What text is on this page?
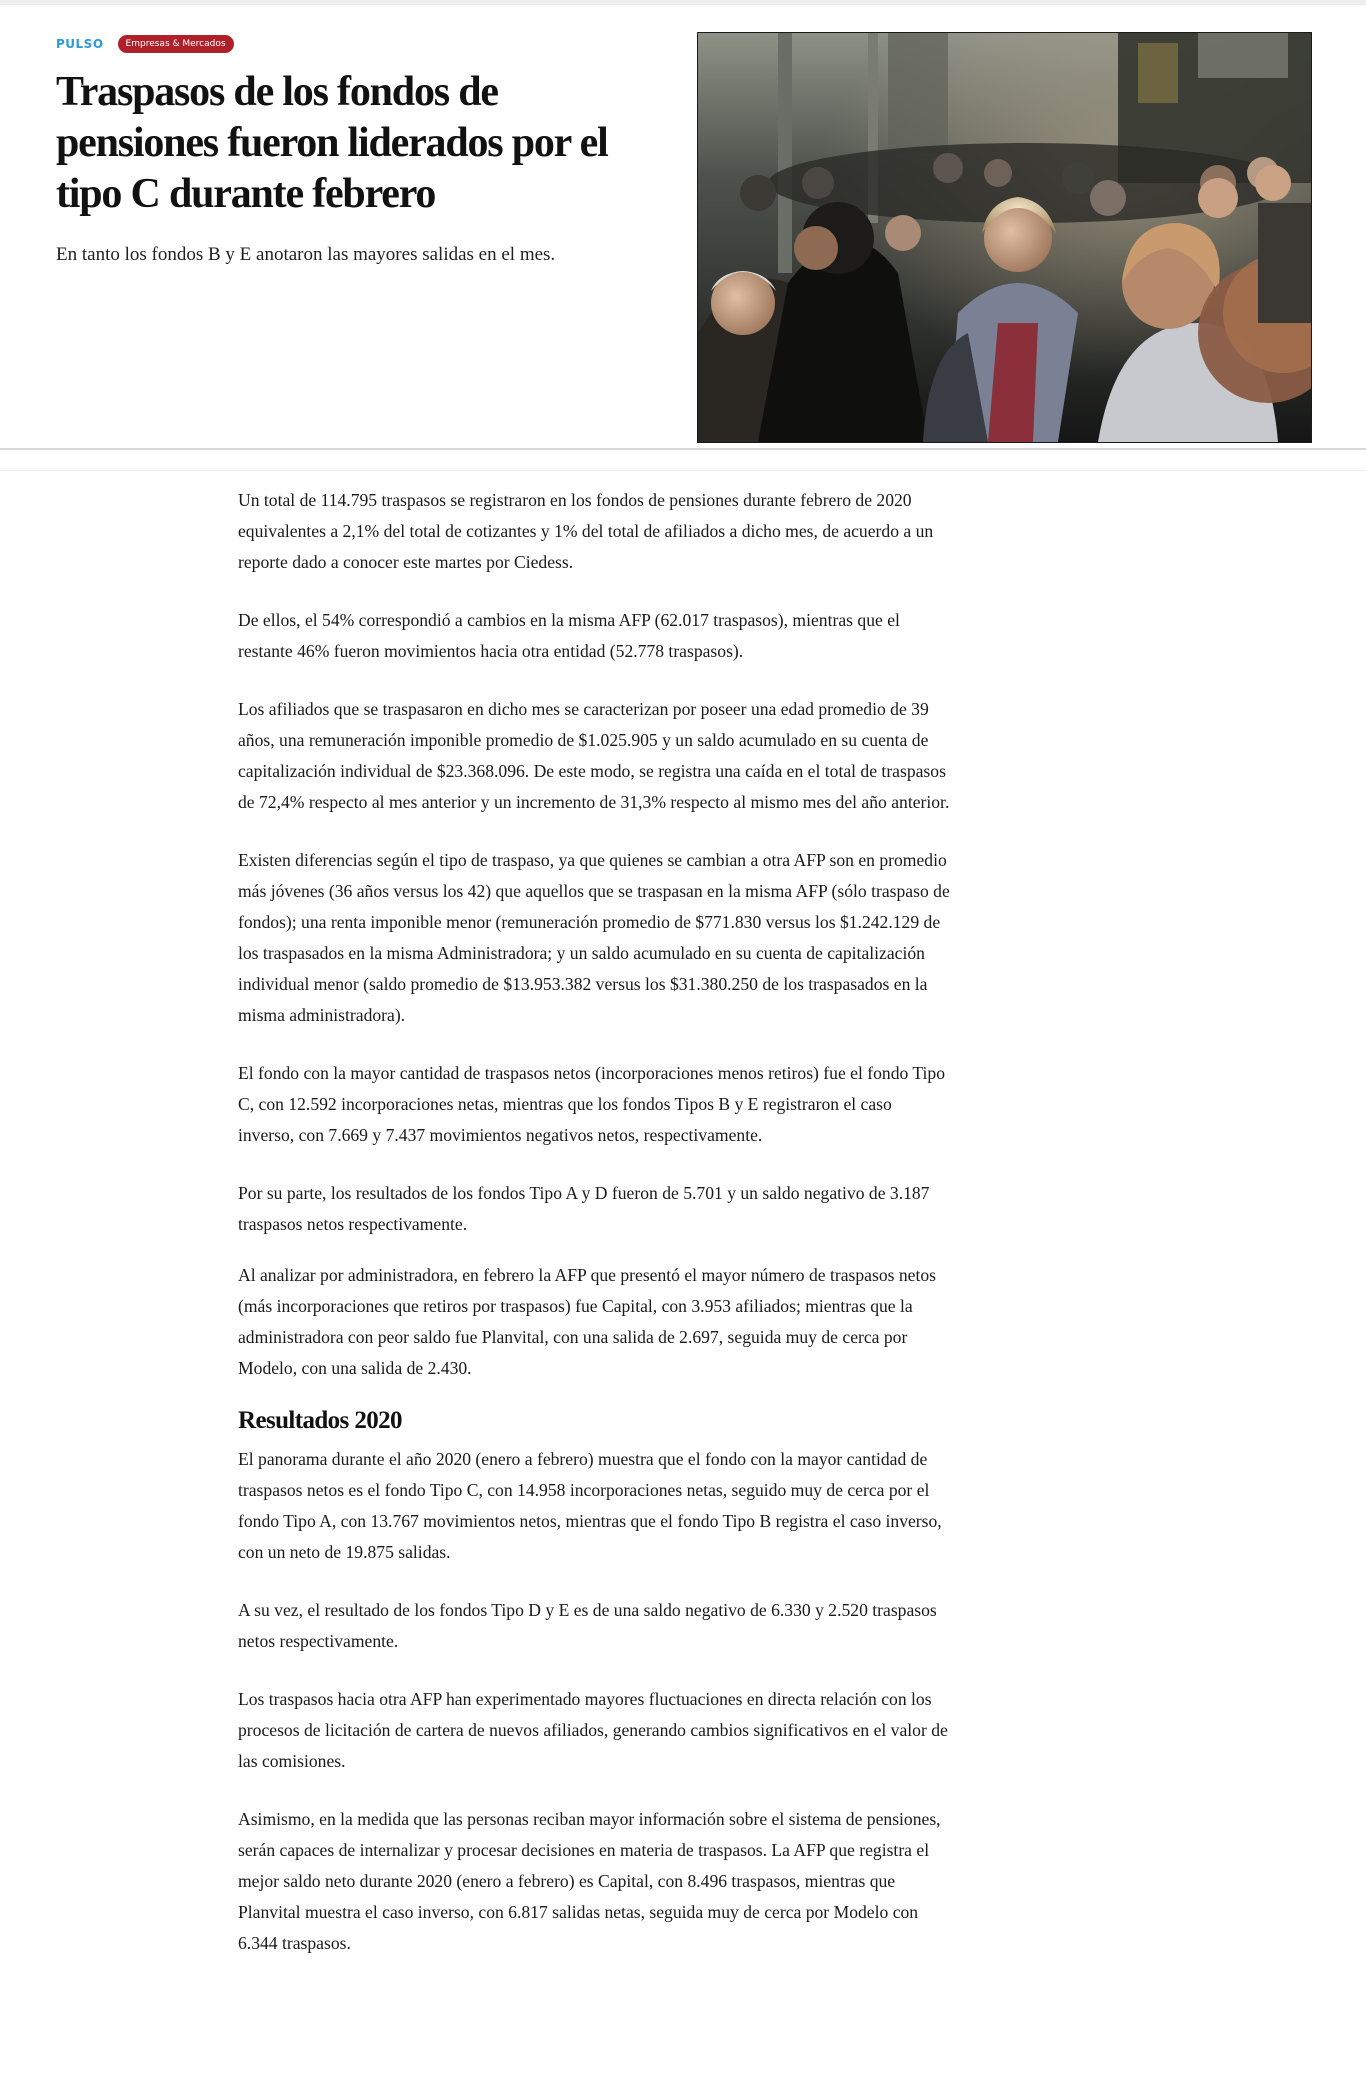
PULSO	Empresas & Mercados
Traspasos de los fondos de pensiones fueron liderados por el tipo C durante febrero

En tanto los fondos B y E anotaron las mayores salidas en el mes.

Un total de 114.795 traspasos se registraron en los fondos de pensiones durante febrero de 2020 equivalentes a 2,1% del total de cotizantes y 1% del total de afiliados a dicho mes, de acuerdo a un reporte dado a conocer este martes por Ciedess.

De ellos, el 54% correspondió a cambios en la misma AFP (62.017 traspasos), mientras que el restante 46% fueron movimientos hacia otra entidad (52.778 traspasos).

Los afiliados que se traspasaron en dicho mes se caracterizan por poseer una edad promedio de 39 años, una remuneración imponible promedio de $1.025.905 y un saldo acumulado en su cuenta de capitalización individual de $23.368.096. De este modo, se registra una caída en el total de traspasos de 72,4% respecto al mes anterior y un incremento de 31,3% respecto al mismo mes del año anterior.

Existen diferencias según el tipo de traspaso, ya que quienes se cambian a otra AFP son en promedio más jóvenes (36 años versus los 42) que aquellos que se traspasan en la misma AFP (sólo traspaso de fondos); una renta imponible menor (remuneración promedio de $771.830 versus los $1.242.129 de los traspasados en la misma Administradora; y un saldo acumulado en su cuenta de capitalización individual menor (saldo promedio de $13.953.382 versus los $31.380.250 de los traspasados en la misma administradora).

El fondo con la mayor cantidad de traspasos netos (incorporaciones menos retiros) fue el fondo Tipo C, con 12.592 incorporaciones netas, mientras que los fondos Tipos B y E registraron el caso inverso, con 7.669 y 7.437 movimientos negativos netos, respectivamente.

Por su parte, los resultados de los fondos Tipo A y D fueron de 5.701 y un saldo negativo de 3.187 traspasos netos respectivamente.

Al analizar por administradora, en febrero la AFP que presentó el mayor número de traspasos netos (más incorporaciones que retiros por traspasos) fue Capital, con 3.953 afiliados; mientras que la administradora con peor saldo fue Planvital, con una salida de 2.697, seguida muy de cerca por Modelo, con una salida de 2.430.

Resultados 2020

El panorama durante el año 2020 (enero a febrero) muestra que el fondo con la mayor cantidad de traspasos netos es el fondo Tipo C, con 14.958 incorporaciones netas, seguido muy de cerca por el fondo Tipo A, con 13.767 movimientos netos, mientras que el fondo Tipo B registra el caso inverso, con un neto de 19.875 salidas.

A su vez, el resultado de los fondos Tipo D y E es de una saldo negativo de 6.330 y 2.520 traspasos netos respectivamente.

Los traspasos hacia otra AFP han experimentado mayores fluctuaciones en directa relación con los procesos de licitación de cartera de nuevos afiliados, generando cambios significativos en el valor de las comisiones.

Asimismo, en la medida que las personas reciban mayor información sobre el sistema de pensiones, serán capaces de internalizar y procesar decisiones en materia de traspasos. La AFP que registra el mejor saldo neto durante 2020 (enero a febrero) es Capital, con 8.496 traspasos, mientras que Planvital muestra el caso inverso, con 6.817 salidas netas, seguida muy de cerca por Modelo con 6.344 traspasos.
